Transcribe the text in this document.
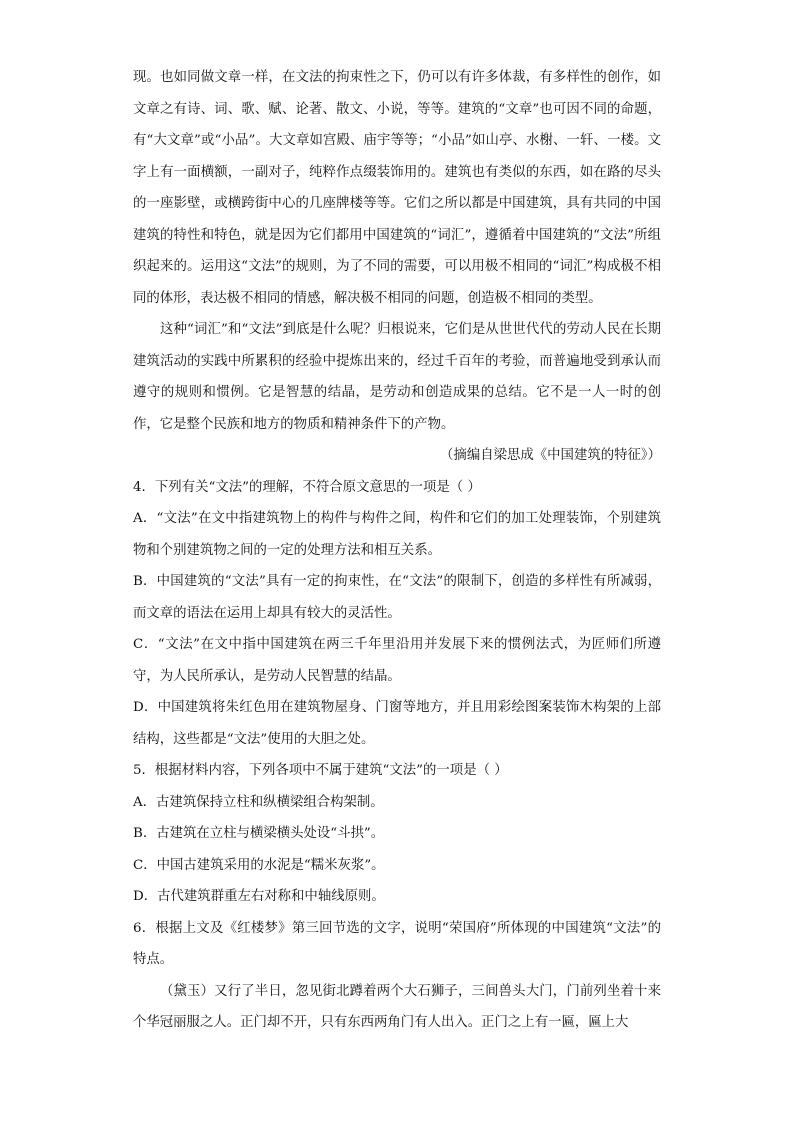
现。也如同做文章一样，在文法的拘束性之下，仍可以有许多体裁，有多样性的创作，如文章之有诗、词、歌、赋、论著、散文、小说，等等。建筑的“文章”也可因不同的命题，有“大文章”或“小品”。大文章如宫殿、庙宇等等；“小品”如山亭、水榭、一轩、一楼。文字上有一面横额，一副对子，纯粹作点缀装饰用的。建筑也有类似的东西，如在路的尽头的一座影壁，或横跨街中心的几座牌楼等等。它们之所以都是中国建筑，具有共同的中国建筑的特性和特色，就是因为它们都用中国建筑的“词汇”，遵循着中国建筑的“文法”所组织起来的。运用这“文法”的规则，为了不同的需要，可以用极不相同的“词汇”构成极不相同的体形，表达极不相同的情感，解决极不相同的问题，创造极不相同的类型。

这种“词汇”和“文法”到底是什么呢？归根说来，它们是从世世代代的劳动人民在长期建筑活动的实践中所累积的经验中提炼出来的，经过千百年的考验，而普遍地受到承认而遵守的规则和惯例。它是智慧的结晶，是劳动和创造成果的总结。它不是一人一时的创作，它是整个民族和地方的物质和精神条件下的产物。

（摘编自梁思成《中国建筑的特征》）

4．下列有关“文法”的理解，不符合原文意思的一项是（ ）

A．“文法”在文中指建筑物上的构件与构件之间，构件和它们的加工处理装饰，个别建筑物和个别建筑物之间的一定的处理方法和相互关系。

B．中国建筑的“文法”具有一定的拘束性，在“文法”的限制下，创造的多样性有所减弱，而文章的语法在运用上却具有较大的灵活性。

C．“文法”在文中指中国建筑在两三千年里沿用并发展下来的惯例法式，为匠师们所遵守，为人民所承认，是劳动人民智慧的结晶。

D．中国建筑将朱红色用在建筑物屋身、门窗等地方，并且用彩绘图案装饰木构架的上部结构，这些都是“文法”使用的大胆之处。

5．根据材料内容，下列各项中不属于建筑“文法”的一项是（ ）

A．古建筑保持立柱和纵横梁组合构架制。

B．古建筑在立柱与横梁横头处设“斗拱”。

C．中国古建筑采用的水泥是“糯米灰浆”。

D．古代建筑群重左右对称和中轴线原则。

6．根据上文及《红楼梦》第三回节选的文字，说明“荣国府”所体现的中国建筑“文法”的特点。

（黛玉）又行了半日，忽见街北蹲着两个大石狮子，三间兽头大门，门前列坐着十来个华冠丽服之人。正门却不开，只有东西两角门有人出入。正门之上有一匾，匾上大
